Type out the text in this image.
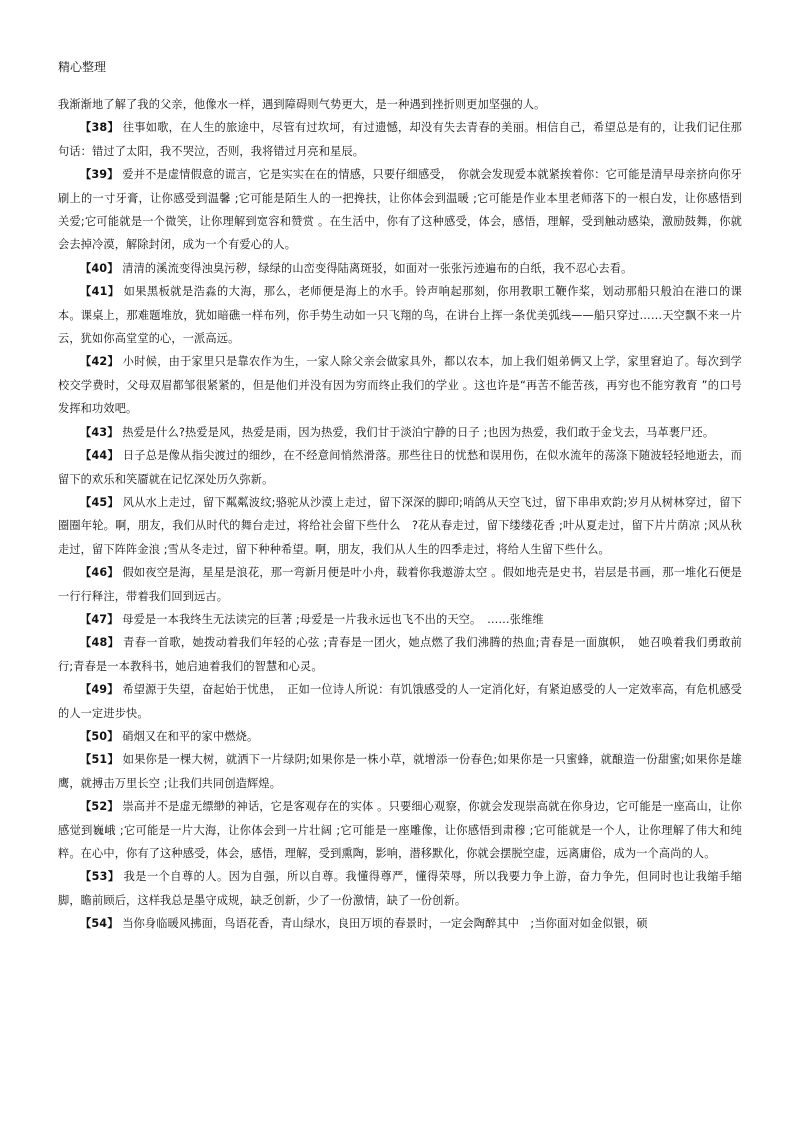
精心整理

我渐渐地了解了我的父亲，他像水一样，遇到障碍则气势更大，是一种遇到挫折则更加坚强的人。

【38】 往事如歌，在人生的旅途中，尽管有过坎坷，有过遗憾，却没有失去青春的美丽。相信自己，希望总是有的，让我们记住那句话：错过了太阳，我不哭泣，否则，我将错过月亮和星辰。

【39】 爱并不是虚情假意的谎言，它是实实在在的情感，只要仔细感受，　你就会发现爱本就紧挨着你：它可能是清早母亲挤向你牙刷上的一寸牙膏，让你感受到温馨 ;它可能是陌生人的一把搀扶，让你体会到温暖 ;它可能是作业本里老师落下的一根白发，让你感悟到关爱;它可能就是一个微笑，让你理解到宽容和赞赏 。在生活中，你有了这种感受，体会，感悟，理解，受到触动感染，激励鼓舞，你就会去掉冷漠，解除封闭，成为一个有爱心的人。

【40】 清清的溪流变得浊臭污秽，绿绿的山峦变得陆离斑驳，如面对一张张污迹遍布的白纸，我不忍心去看。

【41】 如果黑板就是浩淼的大海，那么，老师便是海上的水手。铃声响起那刻，你用教职工鞭作桨，划动那船只般泊在港口的课本。课桌上，那难题堆放，犹如暗礁一样布列，你手势生动如一只飞翔的鸟，在讲台上挥一条优美弧线——船只穿过……天空飘不来一片云，犹如你高堂堂的心，一派高远。

【42】 小时候，由于家里只是靠农作为生，一家人除父亲会做家具外，都以农本，加上我们姐弟俩又上学，家里窘迫了。每次到学校交学费时，父母双眉都邹很紧紧的，但是他们并没有因为穷而终止我们的学业 。这也许是“再苦不能苦孩，再穷也不能穷教育 ”的口号发挥和功效吧。

【43】 热爱是什么?热爱是风，热爱是雨，因为热爱，我们甘于淡泊宁静的日子 ;也因为热爱，我们敢于金戈去，马革裹尸还。

【44】 日子总是像从指尖渡过的细纱，在不经意间悄然滑落。那些往日的忧愁和误用伤，在似水流年的荡涤下随波轻轻地逝去，而留下的欢乐和笑靥就在记忆深处历久弥新。

【45】 风从水上走过，留下粼粼波纹;骆驼从沙漠上走过，留下深深的脚印;哨鸽从天空飞过，留下串串欢韵;岁月从树林穿过，留下圈圈年轮。啊，朋友，我们从时代的舞台走过，将给社会留下些什么　?花从春走过，留下缕缕花香 ;叶从夏走过，留下片片荫凉 ;风从秋走过，留下阵阵金浪 ;雪从冬走过，留下种种希望。啊，朋友，我们从人生的四季走过，将给人生留下些什么。

【46】 假如夜空是海，星星是浪花，那一弯新月便是叶小舟，载着你我遨游太空 。假如地壳是史书，岩层是书画，那一堆化石便是一行行释注，带着我们回到远古。

【47】 母爱是一本我终生无法读完的巨著 ;母爱是一片我永远也飞不出的天空。　……张维维

【48】 青春一首歌，她拨动着我们年轻的心弦 ;青春是一团火，她点燃了我们沸腾的热血;青春是一面旗帜，　她召唤着我们勇敢前行;青春是一本教科书，她启迪着我们的智慧和心灵。

【49】 希望源于失望，奋起始于忧患，　正如一位诗人所说：有饥饿感受的人一定消化好，有紧迫感受的人一定效率高，有危机感受的人一定进步快。

【50】 硝烟又在和平的家中燃烧。

【51】 如果你是一棵大树，就洒下一片绿阴;如果你是一株小草，就增添一份春色;如果你是一只蜜蜂，就酿造一份甜蜜;如果你是雄鹰，就搏击万里长空 ;让我们共同创造辉煌。

【52】 崇高并不是虚无缥缈的神话，它是客观存在的实体 。只要细心观察，你就会发现崇高就在你身边，它可能是一座高山，让你感觉到巍峨 ;它可能是一片大海，让你体会到一片壮阔 ;它可能是一座雕像，让你感悟到肃穆 ;它可能就是一个人，让你理解了伟大和纯粹。在心中，你有了这种感受，体会，感悟，理解，受到熏陶，影响，潜移默化，你就会摆脱空虚，远离庸俗，成为一个高尚的人。

【53】 我是一个自尊的人。因为自强，所以自尊。我懂得尊严，懂得荣辱，所以我要力争上游，奋力争先，但同时也让我缩手缩脚，瞻前顾后，这样我总是墨守成规，缺乏创新，少了一份激情，缺了一份创新。

【54】 当你身临暖风拂面，鸟语花香，青山绿水，良田万顷的春景时，一定会陶醉其中　;当你面对如金似银，硕
